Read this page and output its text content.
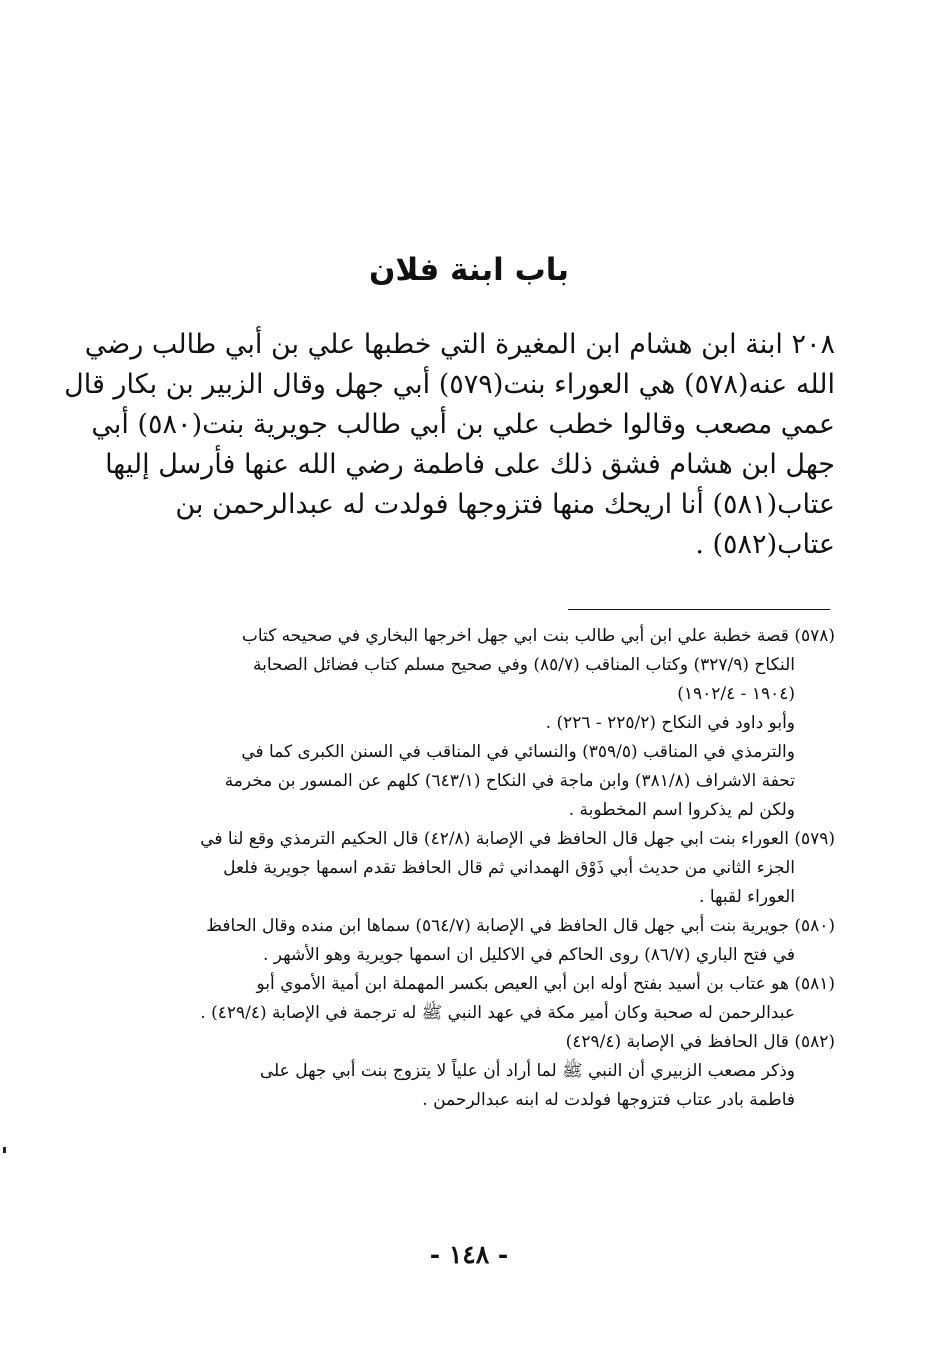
باب ابنة فلان
٢٠٨ ابنة ابن هشام ابن المغيرة التي خطبها علي بن أبي طالب رضي
الله عنه(٥٧٨) هي العوراء بنت(٥٧٩) أبي جهل وقال الزبير بن بكار قال
عمي مصعب وقالوا خطب علي بن أبي طالب جويرية بنت(٥٨٠) أبي
جهل ابن هشام فشق ذلك على فاطمة رضي الله عنها فأرسل إليها
عتاب(٥٨١) أنا اريحك منها فتزوجها فولدت له عبدالرحمن بن
عتاب(٥٨٢) .
(٥٧٨) قصة خطبة علي ابن أبي طالب بنت ابي جهل اخرجها البخاري في صحيحه كتاب
النكاح (٣٢٧/٩) وكتاب المناقب (٨٥/٧) وفي صحيح مسلم كتاب فضائل الصحابة
(١٩٠٤ - ١٩٠٢/٤)
وأبو داود في النكاح (٢٢٥/٢ - ٢٢٦) .
والترمذي في المناقب (٣٥٩/٥) والنسائي في المناقب في السنن الكبرى كما في
تحفة الاشراف (٣٨١/٨) وابن ماجة في النكاح (٦٤٣/١) كلهم عن المسور بن مخرمة
ولكن لم يذكروا اسم المخطوبة .
(٥٧٩) العوراء بنت ابي جهل قال الحافظ في الإصابة (٤٢/٨) قال الحكيم الترمذي وقع لنا في
الجزء الثاني من حديث أبي ذَوْق الهمداني ثم قال الحافظ تقدم اسمها جويرية فلعل
العوراء لقبها .
(٥٨٠) جويرية بنت أبي جهل قال الحافظ في الإصابة (٥٦٤/٧) سماها ابن منده وقال الحافظ
في فتح الباري (٨٦/٧) روى الحاكم في الاكليل ان اسمها جويرية وهو الأشهر .
(٥٨١) هو عتاب بن أسيد بفتح أوله ابن أبي العيص بكسر المهملة ابن أمية الأموي أبو
عبدالرحمن له صحبة وكان أمير مكة في عهد النبي ﷺ له ترجمة في الإصابة (٤٢٩/٤) .
(٥٨٢) قال الحافظ في الإصابة (٤٢٩/٤)
وذكر مصعب الزبيري أن النبي ﷺ لما أراد أن علياً لا يتزوج بنت أبي جهل على
فاطمة بادر عتاب فتزوجها فولدت له ابنه عبدالرحمن .
- ١٤٨ -
